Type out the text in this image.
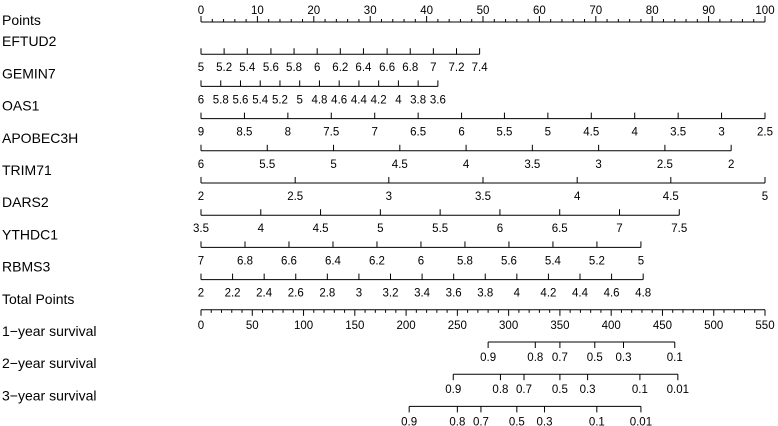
Points
0	10	20	30	40	50	60	70	80	90	100
EFTUD2
5 5.2 5.4 5.6 5.8 6 6.2 6.4 6.6 6.8 7 7.2 7.4
GEMIN7
6 5.8 5.6 5.4 5.2 5 4.8 4.6 4.4 4.2 4 3.8 3.6
OAS1
9	8.5	8	7.5	7	6.5	6	5.5	5	4.5	4	3.5	3	2.5
APOBEC3H
6	5.5	5	4.5	4	3.5	3	2.5	2
TRIM71
2	2.5	3	3.5	4	4.5	5
DARS2
3.5	4	4.5	5	5.5	6	6.5	7	7.5
YTHDC1
7	6.8 6.6 6.4 6.2	6	5.8 5.6 5.4 5.2	5
RBMS3
2 2.2 2.4 2.6 2.8 3 3.2 3.4 3.6 3.8 4 4.2 4.4 4.6 4.8
Total Points
0	50	100	150	200	250	300	350	400	450	500	550
1−year survival
0.9	0.8 0.7 0.5 0.3	0.1
2−year survival
0.9	0.8 0.7 0.5 0.3	0.1 0.01
3−year survival
0.9	0.8 0.7 0.5 0.3	0.1 0.01
